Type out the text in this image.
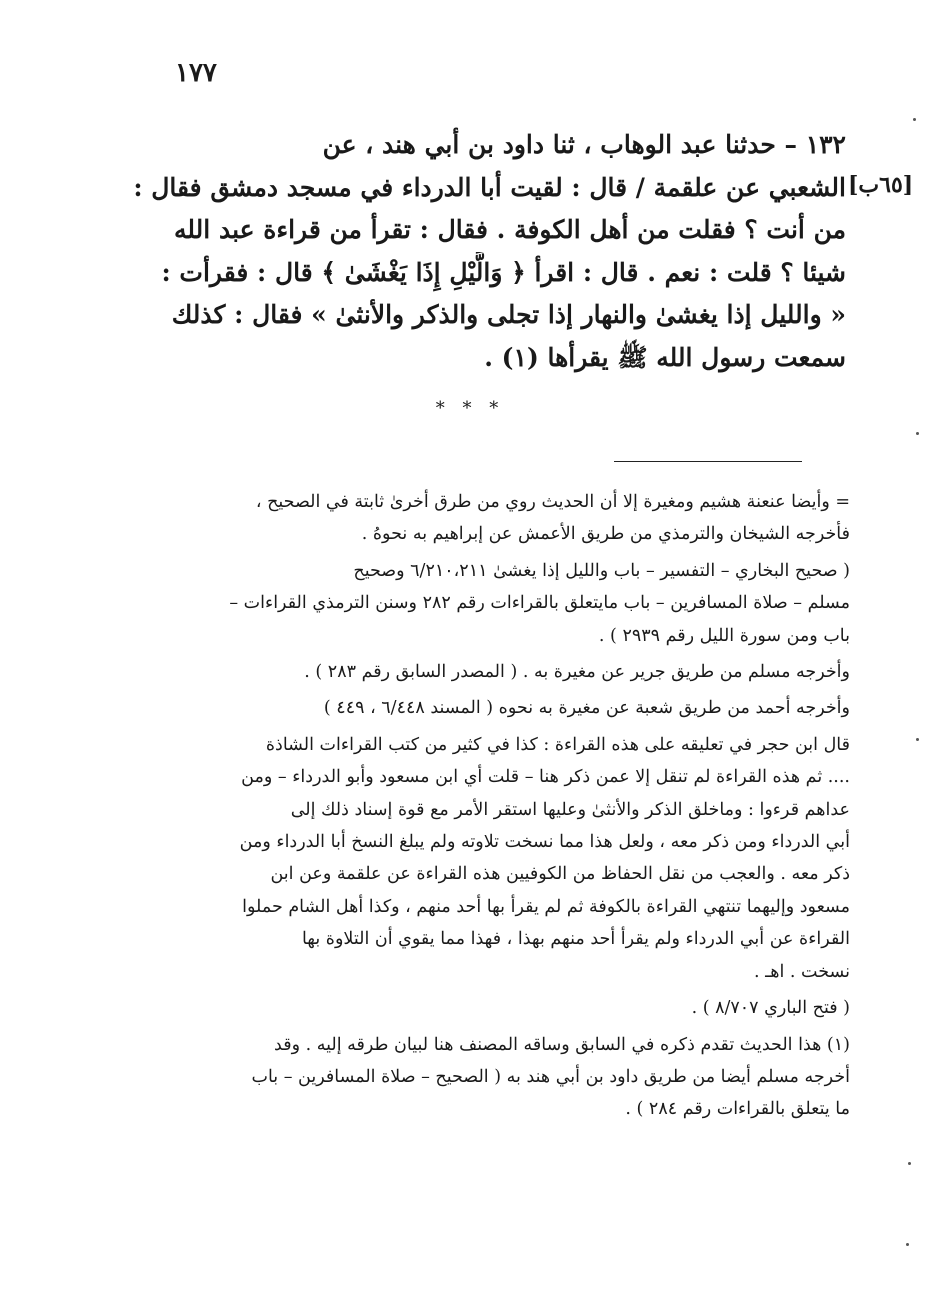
١٧٧
[٦٥ب]
١٣٢ – حدثنا عبد الوهاب ، ثنا داود بن أبي هند ، عن
الشعبي عن علقمة / قال : لقيت أبا الدرداء في مسجد دمشق فقال :
من أنت ؟ فقلت من أهل الكوفة . فقال : تقرأ من قراءة عبد الله
شيئا ؟ قلت : نعم . قال : اقرأ ﴿ وَالَّيْلِ إِذَا يَغْشَىٰ ﴾ قال : فقرأت :
« والليل إذا يغشىٰ والنهار إذا تجلى والذكر والأنثىٰ » فقال : كذلك
سمعت رسول الله ﷺ يقرأها (١) .
* * *
= وأيضا عنعنة هشيم ومغيرة إلا أن الحديث روي من طرق أخرىٰ ثابتة في الصحيح ،
فأخرجه الشيخان والترمذي من طريق الأعمش عن إبراهيم به نحوهُ .
( صحيح البخاري – التفسير – باب والليل إذا يغشىٰ ٦/٢١٠،٢١١ وصحيح
مسلم – صلاة المسافرين – باب مايتعلق بالقراءات رقم ٢٨٢ وسنن الترمذي القراءات –
باب ومن سورة الليل رقم ٢٩٣٩ ) .
وأخرجه مسلم من طريق جرير عن مغيرة به . ( المصدر السابق رقم ٢٨٣ ) .
وأخرجه أحمد من طريق شعبة عن مغيرة به نحوه ( المسند ٦/٤٤٨ ، ٤٤٩ )
قال ابن حجر في تعليقه على هذه القراءة : كذا في كثير من كتب القراءات الشاذة
.... ثم هذه القراءة لم تنقل إلا عمن ذكر هنا – قلت أي ابن مسعود وأبو الدرداء – ومن
عداهم قرءوا : وماخلق الذكر والأنثىٰ وعليها استقر الأمر مع قوة إسناد ذلك إلى
أبي الدرداء ومن ذكر معه ، ولعل هذا مما نسخت تلاوته ولم يبلغ النسخ أبا الدرداء ومن
ذكر معه . والعجب من نقل الحفاظ من الكوفيين هذه القراءة عن علقمة وعن ابن
مسعود وإليهما تنتهي القراءة بالكوفة ثم لم يقرأ بها أحد منهم ، وكذا أهل الشام حملوا
القراءة عن أبي الدرداء ولم يقرأ أحد منهم بهذا ، فهذا مما يقوي أن التلاوة بها
نسخت . اهـ .
( فتح الباري ٨/٧٠٧ ) .
(١) هذا الحديث تقدم ذكره في السابق وساقه المصنف هنا لبيان طرقه إليه . وقد
أخرجه مسلم أيضا من طريق داود بن أبي هند به ( الصحيح – صلاة المسافرين – باب
ما يتعلق بالقراءات رقم ٢٨٤ ) .
